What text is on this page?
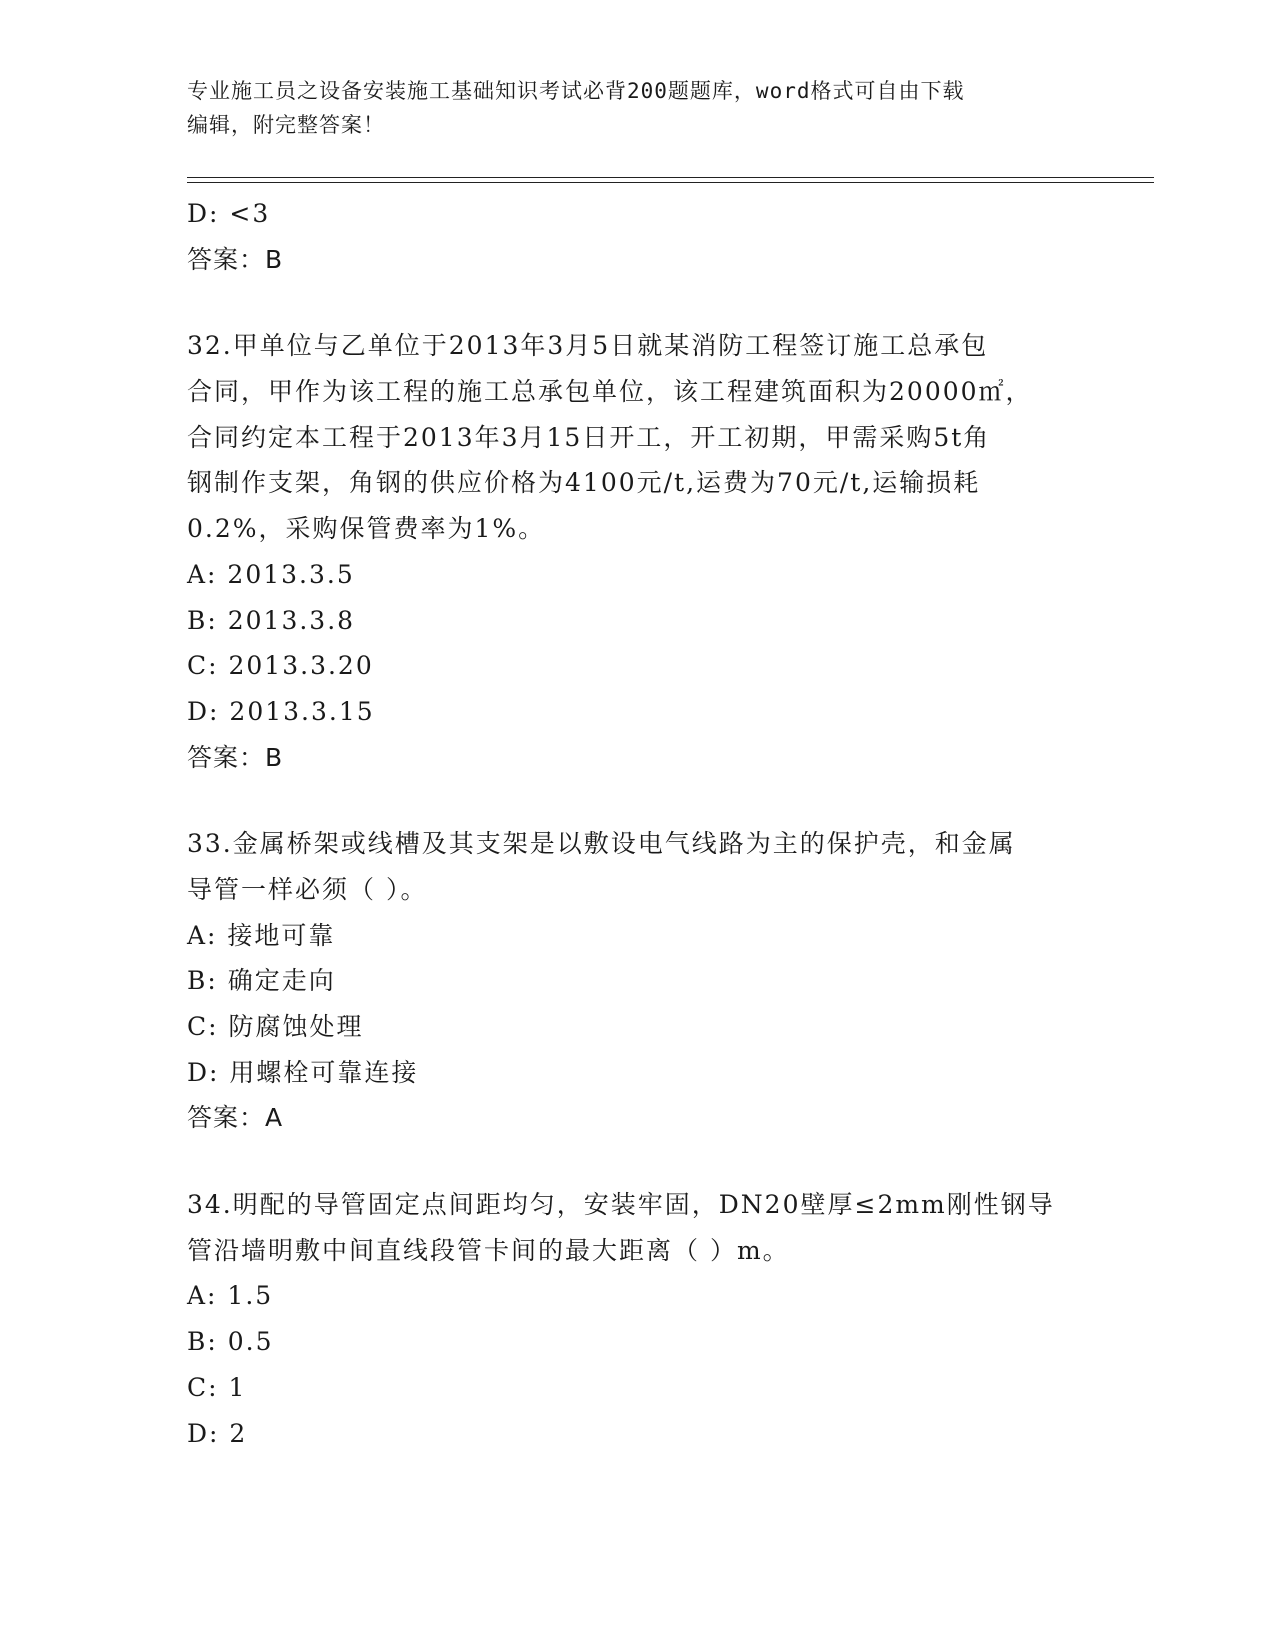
专业施工员之设备安装施工基础知识考试必背200题题库，word格式可自由下载
编辑，附完整答案！
D: <3
答案：B
32.甲单位与乙单位于2013年3月5日就某消防工程签订施工总承包
合同，甲作为该工程的施工总承包单位，该工程建筑面积为20000㎡，
合同约定本工程于2013年3月15日开工，开工初期，甲需采购5t角
钢制作支架，角钢的供应价格为4100元/t,运费为70元/t,运输损耗
0.2%，采购保管费率为1%。
A: 2013.3.5
B: 2013.3.8
C: 2013.3.20
D: 2013.3.15
答案：B
33.金属桥架或线槽及其支架是以敷设电气线路为主的保护壳，和金属
导管一样必须（ ）。
A: 接地可靠
B: 确定走向
C: 防腐蚀处理
D: 用螺栓可靠连接
答案：A
34.明配的导管固定点间距均匀，安装牢固，DN20壁厚≤2mm刚性钢导
管沿墙明敷中间直线段管卡间的最大距离（ ）m。
A: 1.5
B: 0.5
C: 1
D: 2
